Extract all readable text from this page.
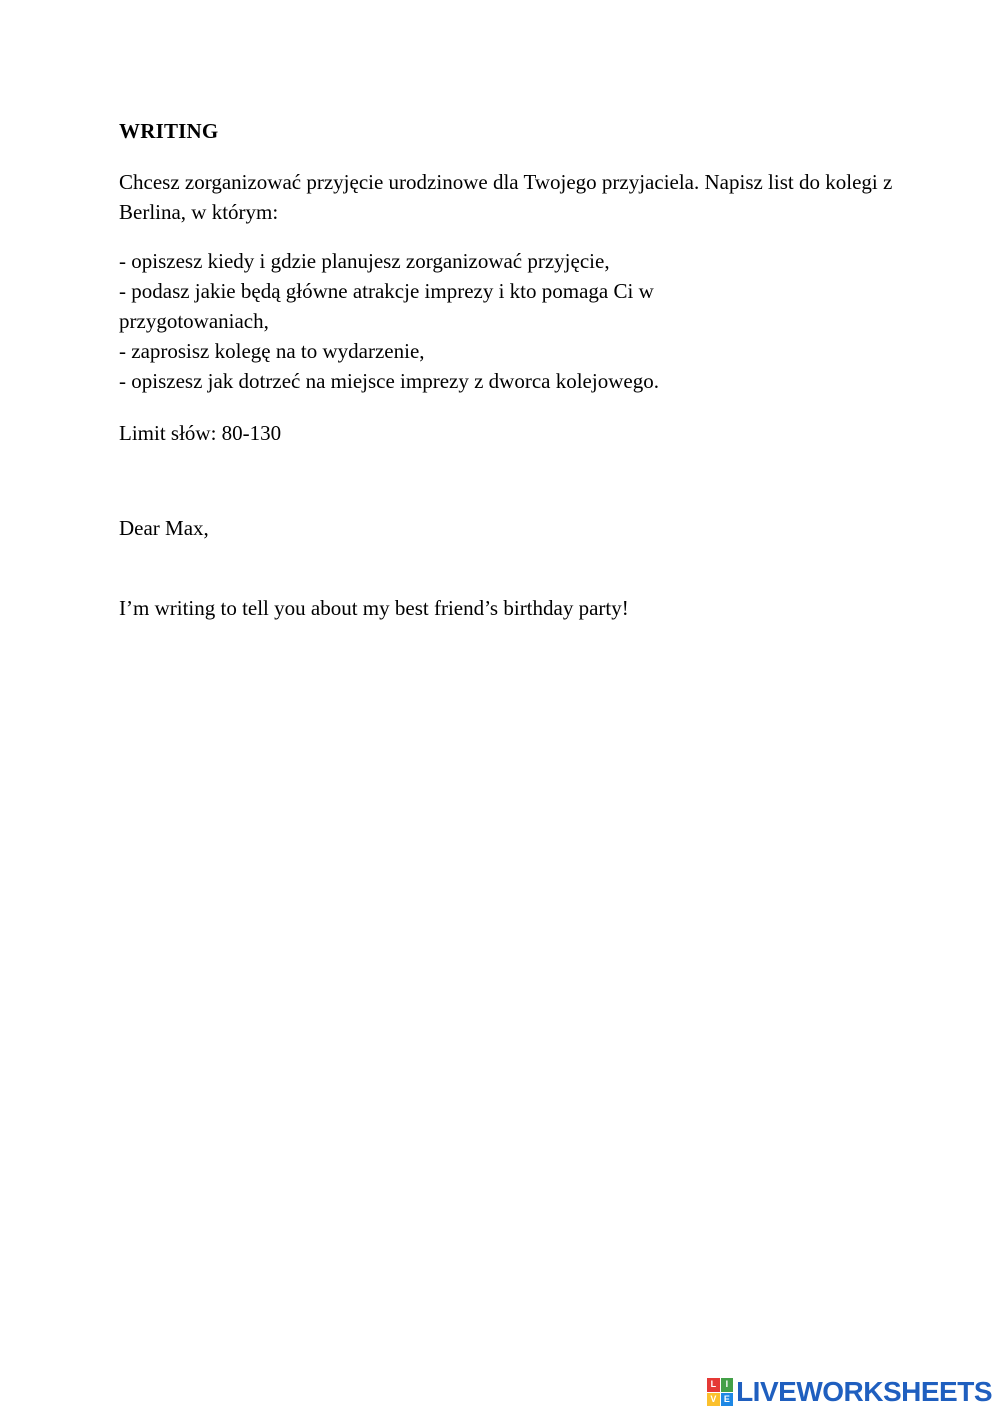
WRITING
Chcesz zorganizować przyjęcie urodzinowe dla Twojego przyjaciela. Napisz list do kolegi z Berlina, w którym:
- opiszesz kiedy i gdzie planujesz zorganizować przyjęcie,
- podasz jakie będą główne atrakcje imprezy i kto pomaga Ci w
przygotowaniach,
- zaprosisz kolegę na to wydarzenie,
- opiszesz jak dotrzeć na miejsce imprezy z dworca kolejowego.
Limit słów: 80-130
Dear Max,
I’m writing to tell you about my best friend’s birthday party!
L	I
V E LIVEWORKSHEETS
